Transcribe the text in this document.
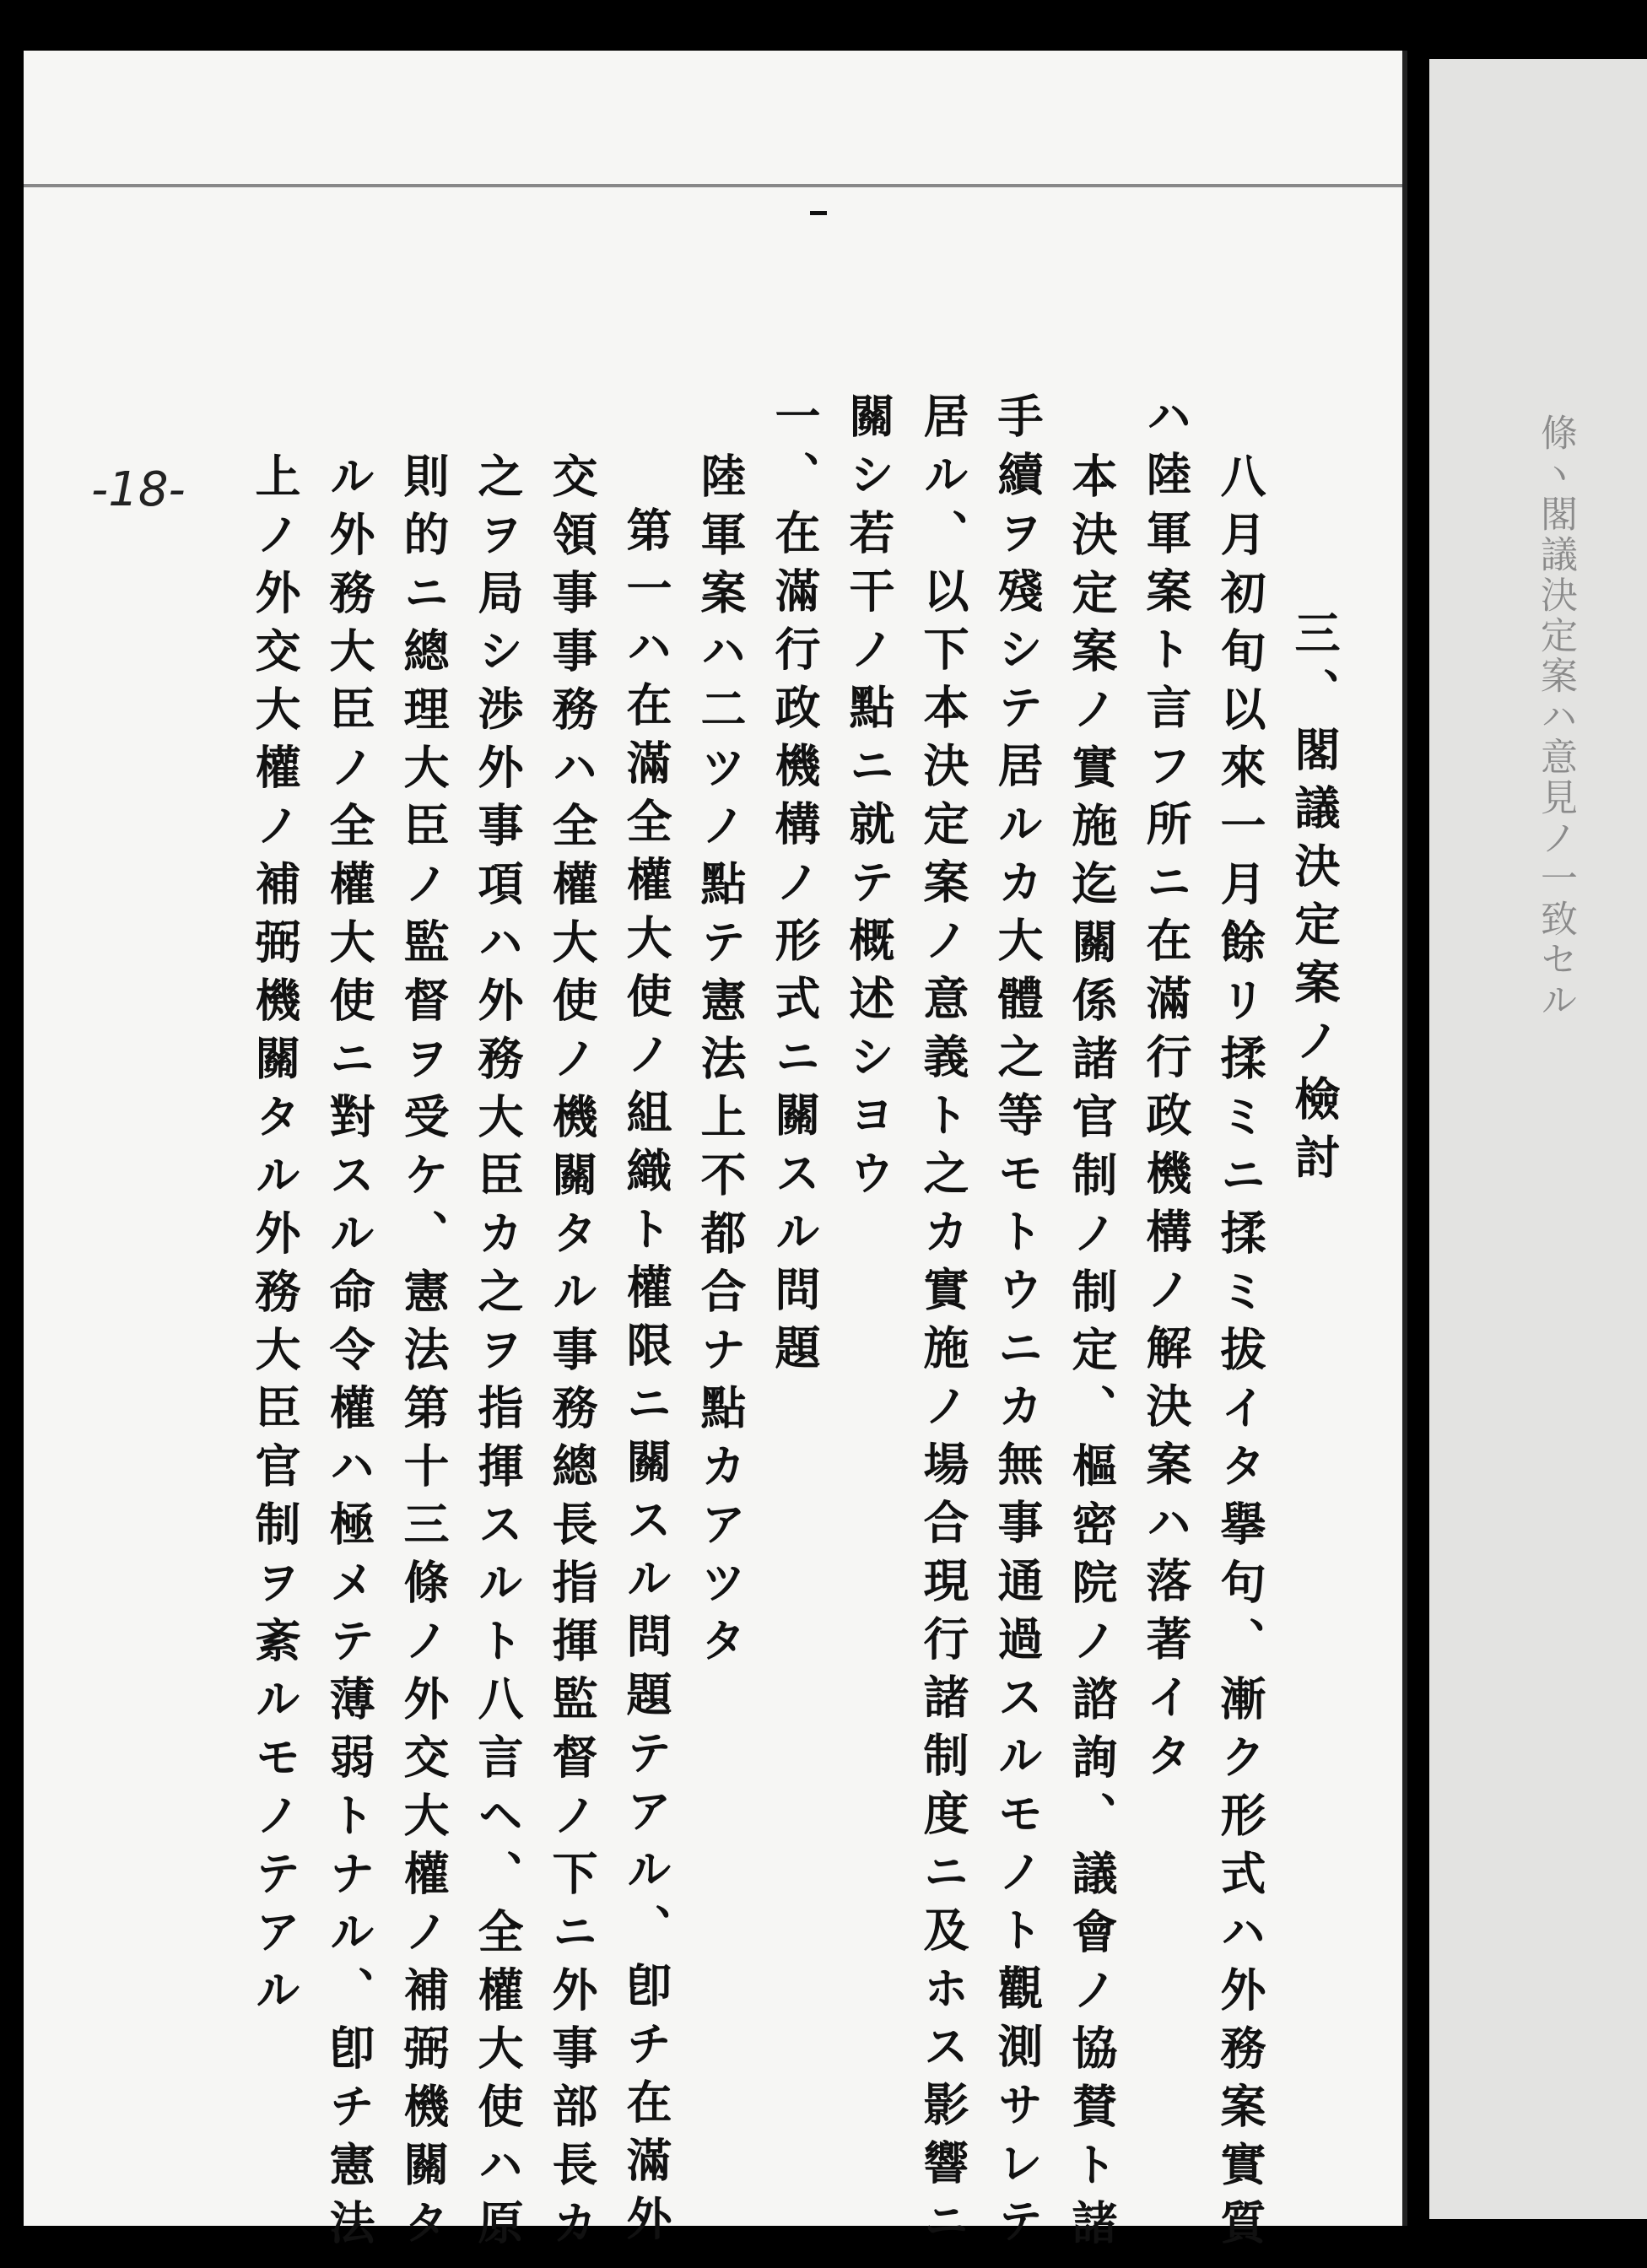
三、閣議決定案ノ檢討
八月初旬以來一月餘リ揉ミニ揉ミ拔イタ擧句、漸ク形式ハ外務案實質
ハ陸軍案ト言フ所ニ在滿行政機構ノ解決案ハ落著イタ
本決定案ノ實施迄關係諸官制ノ制定、樞密院ノ諮詢、議會ノ協賛ト諸
手續ヲ殘シテ居ルカ大體之等モトウニカ無事通過スルモノト觀測サレテ
居ル、以下本決定案ノ意義ト之カ實施ノ場合現行諸制度ニ及ホス影響ニ
關シ若干ノ點ニ就テ概述シヨウ
一、在滿行政機構ノ形式ニ關スル問題
陸軍案ハ二ツノ點テ憲法上不都合ナ點カアツタ
第一ハ在滿全權大使ノ組織ト權限ニ關スル問題テアル、卽チ在滿外
交領事事務ハ全權大使ノ機關タル事務總長指揮監督ノ下ニ外事部長カ
之ヲ局シ渉外事項ハ外務大臣カ之ヲ指揮スルト八言ヘ、全權大使ハ原
則的ニ總理大臣ノ監督ヲ受ケ、憲法第十三條ノ外交大權ノ補弼機關タ
ル外務大臣ノ全權大使ニ對スル命令權ハ極メテ薄弱トナル、卽チ憲法
上ノ外交大權ノ補弼機關タル外務大臣官制ヲ紊ルモノテアル
-18-	條ヽ閣議決定案ハ意見ノ一致セル
